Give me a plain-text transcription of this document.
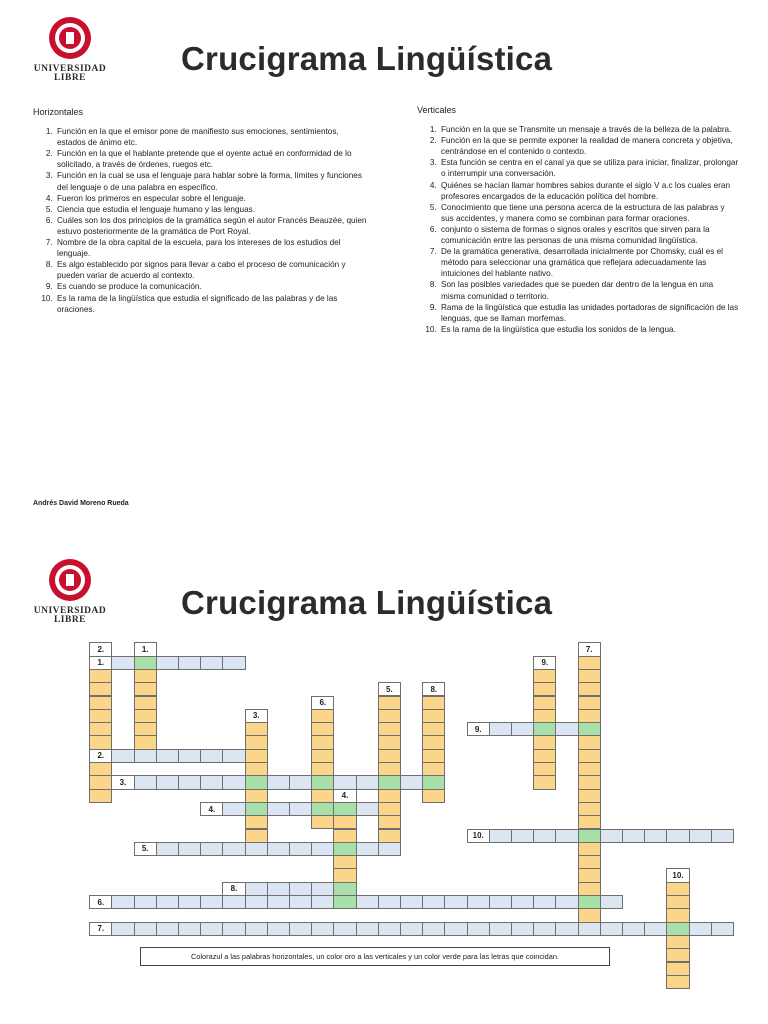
UNIVERSIDAD
LIBRE
Crucigrama Lingüística
Horizontales
1. Función en la que el emisor pone de manifiesto sus emociones, sentimientos, estados de ánimo etc.
2. Función en la que el hablante pretende que el oyente actué en conformidad de lo solicitado, a través de órdenes, ruegos etc.
3. Función en la cual se usa el lenguaje para hablar sobre la forma, límites y funciones del lenguaje o de una palabra en específico.
4. Fueron los primeros en especular sobre el lenguaje.
5. Ciencia que estudia el lenguaje humano y las lenguas.
6. Cuáles son los dos principios de la gramática según el autor Francés Beauzée, quien estuvo posteriormente de la gramática de Port Royal.
7. Nombre de la obra capital de la escuela, para los intereses de los estudios del lenguaje.
8. Es algo establecido por signos para llevar a cabo el proceso de comunicación y pueden variar de acuerdo al contexto.
9. Es cuando se produce la comunicación.
10. Es la rama de la lingüística que estudia el significado de las palabras y de las oraciones.
Verticales
1. Función en la que se Transmite un mensaje a través de la belleza de la palabra.
2. Función en la que se permite exponer la realidad de manera concreta y objetiva, centrándose en el contenido o contexto.
3. Esta función se centra en el canal ya que se utiliza para iniciar, finalizar, prolongar o interrumpir una conversación.
4. Quiénes se hacían llamar hombres sabios durante el siglo V a.c los cuales eran profesores encargados de la educación política del hombre.
5. Conocimiento que tiene una persona acerca de la estructura de las palabras y sus accidentes, y manera como se combinan para formar oraciones.
6. conjunto o sistema de formas o signos orales y escritos que sirven para la comunicación entre las personas de una misma comunidad lingüística.
7. De la gramática generativa, desarrollada inicialmente por Chomsky, cuál es el método para seleccionar una gramática que reflejara adecuadamente las intuiciones del hablante nativo.
8. Son las posibles variedades que se pueden dar dentro de la lengua en una misma comunidad o territorio.
9. Rama de la lingüística que estudia las unidades portadoras de significación de las lenguas, que se llaman morfemas.
10. Es la rama de la lingüística que estudia los sonidos de la lengua.
Andrés David Moreno Rueda
UNIVERSIDAD
LIBRE	Crucigrama Lingüística
1.
2.
3.
4.
5.
6.
7.
8.
9.
10.
1.
2.
3.
4.
5.
6.
7.
8.
9.
10.
Colorazul a las palabras horizontales, un color oro a las verticales y un color verde para las letras que coincidan.
